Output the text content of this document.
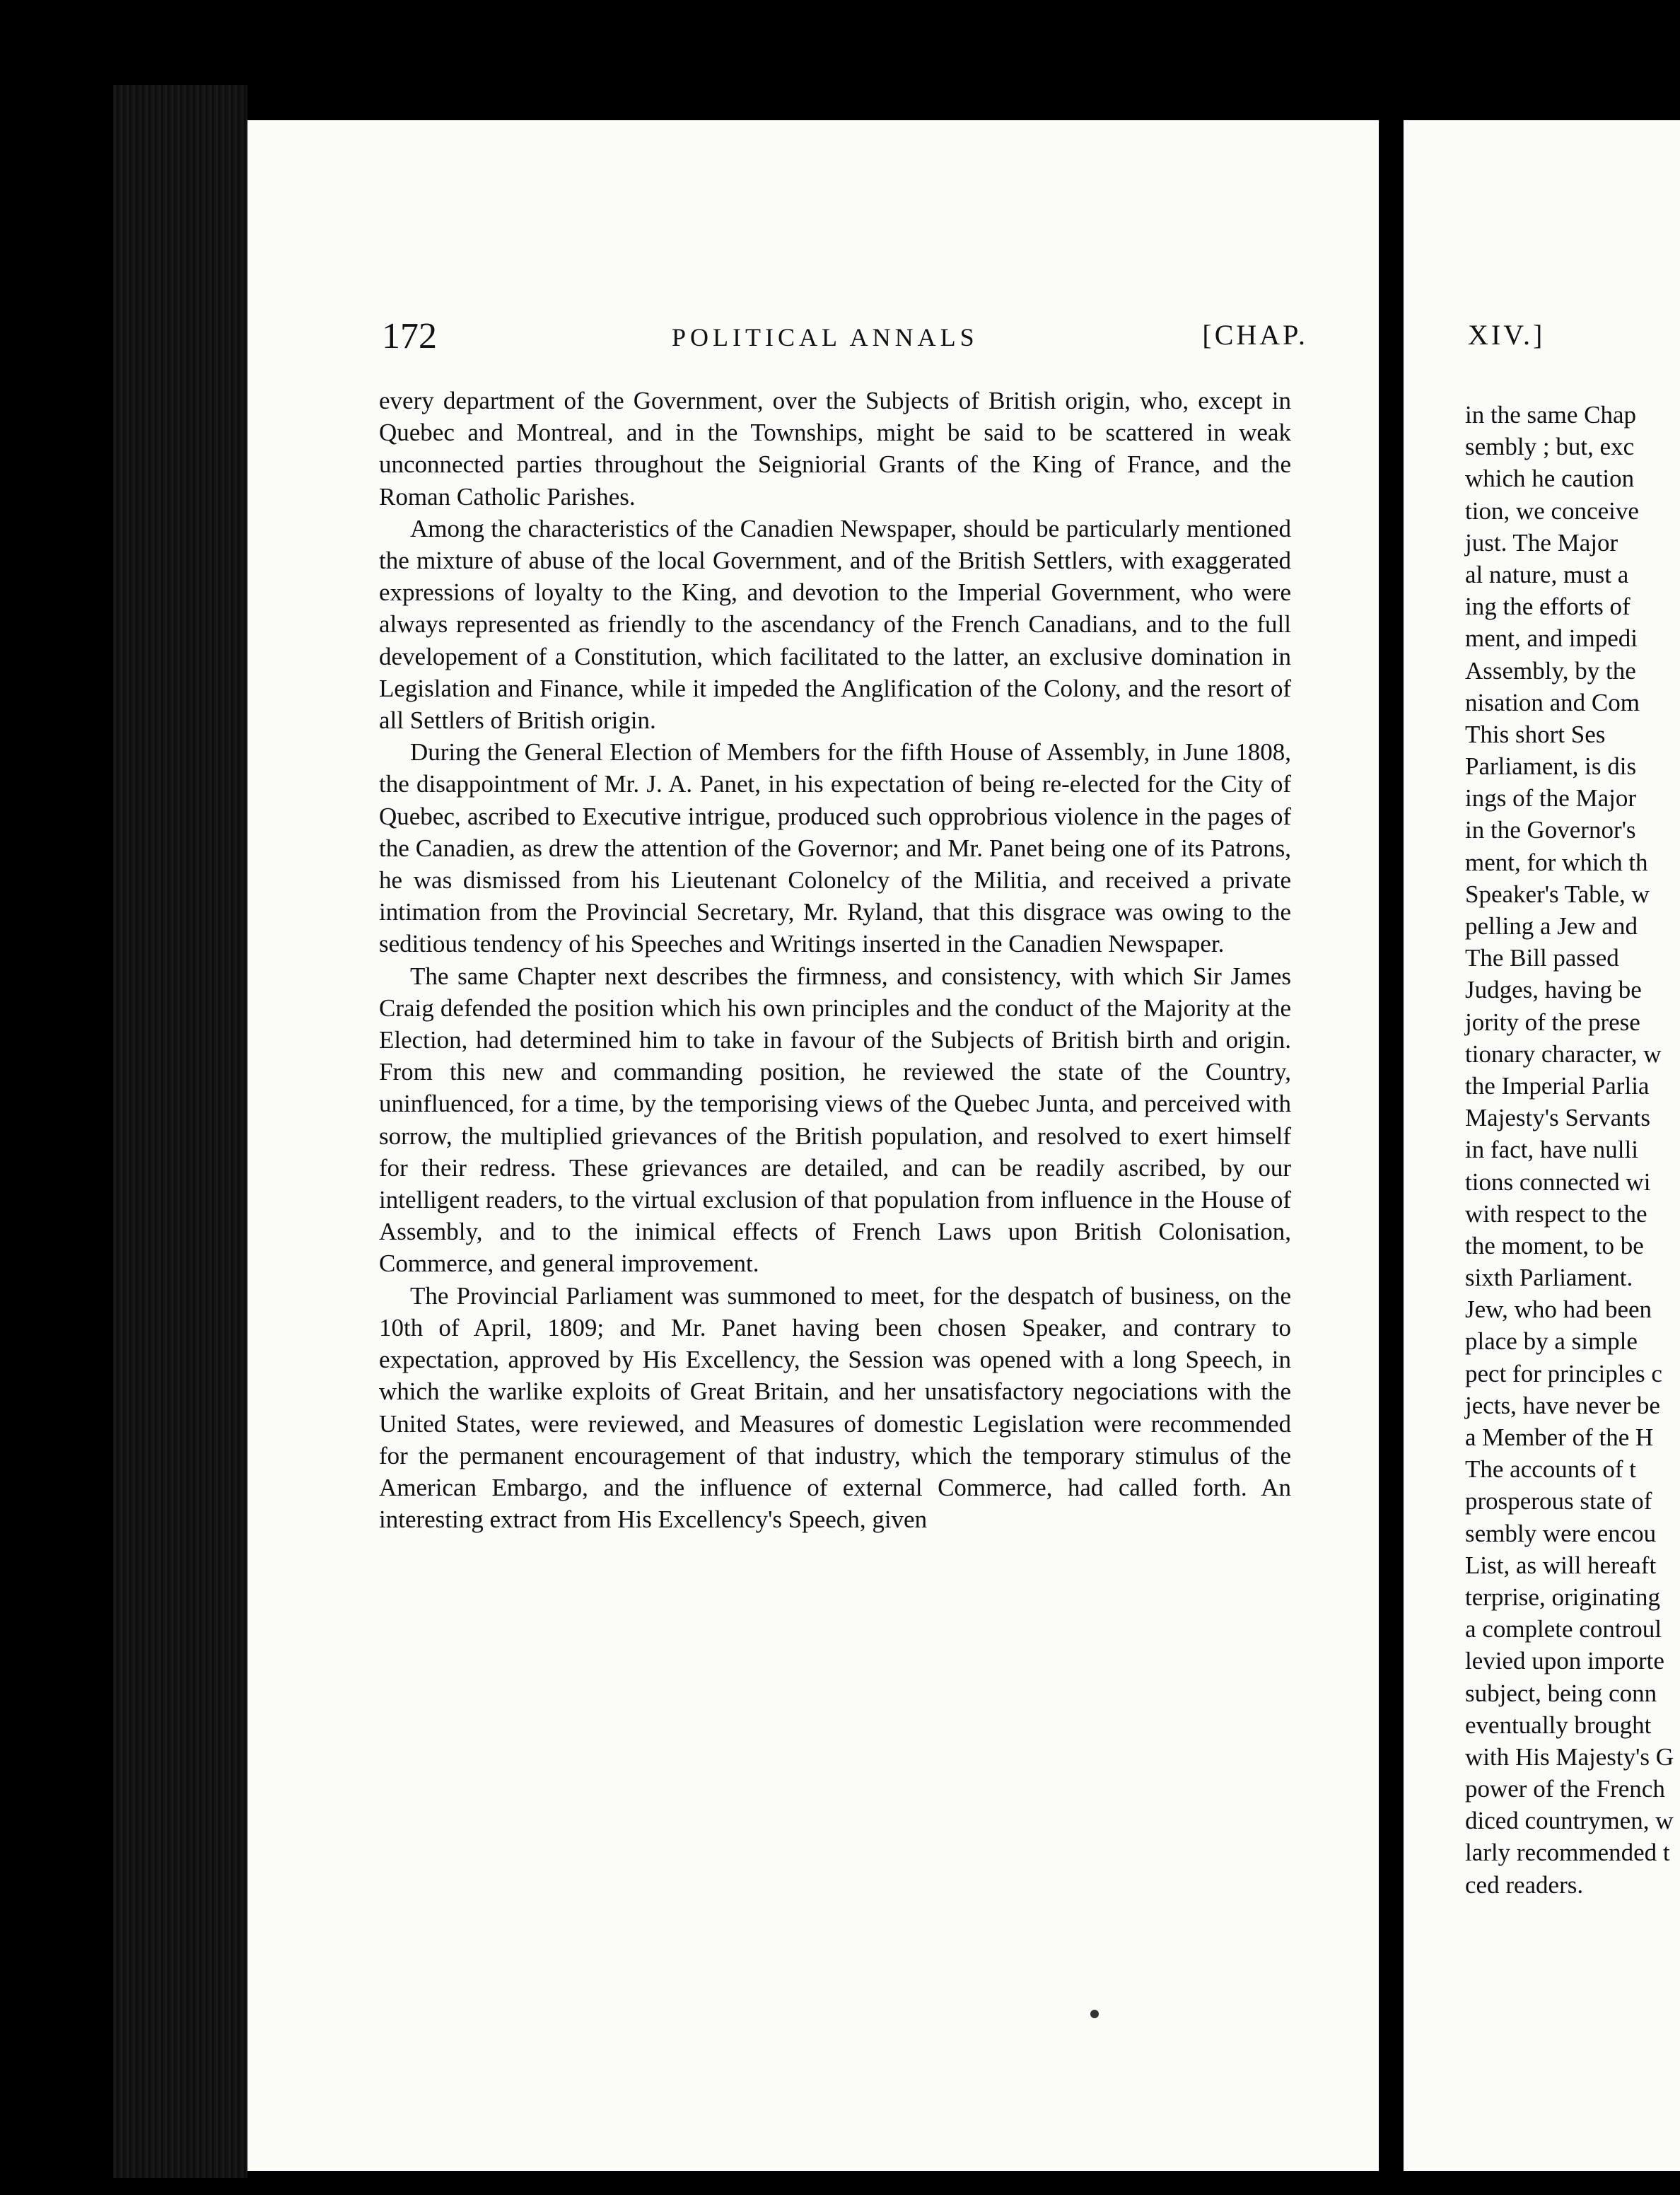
172	POLITICAL ANNALS	[CHAP.

every department of the Government, over the Subjects of British origin, who, except in Quebec and Montreal, and in the Townships, might be said to be scattered in weak unconnected parties throughout the Seigniorial Grants of the King of France, and the Roman Catholic Parishes.

Among the characteristics of the Canadien Newspaper, should be particularly mentioned the mixture of abuse of the local Government, and of the British Settlers, with exaggerated expressions of loyalty to the King, and devotion to the Imperial Government, who were always represented as friendly to the ascendancy of the French Canadians, and to the full developement of a Constitution, which facilitated to the latter, an exclusive domination in Legislation and Finance, while it impeded the Anglification of the Colony, and the resort of all Settlers of British origin.

During the General Election of Members for the fifth House of Assembly, in June 1808, the disappointment of Mr. J. A. Panet, in his expectation of being re-elected for the City of Quebec, ascribed to Executive intrigue, produced such opprobrious violence in the pages of the Canadien, as drew the attention of the Governor; and Mr. Panet being one of its Patrons, he was dismissed from his Lieutenant Colonelcy of the Militia, and received a private intimation from the Provincial Secretary, Mr. Ryland, that this disgrace was owing to the seditious tendency of his Speeches and Writings inserted in the Canadien Newspaper.

The same Chapter next describes the firmness, and consistency, with which Sir James Craig defended the position which his own principles and the conduct of the Majority at the Election, had determined him to take in favour of the Subjects of British birth and origin. From this new and commanding position, he reviewed the state of the Country, uninfluenced, for a time, by the temporising views of the Quebec Junta, and perceived with sorrow, the multiplied grievances of the British population, and resolved to exert himself for their redress. These grievances are detailed, and can be readily ascribed, by our intelligent readers, to the virtual exclusion of that population from influence in the House of Assembly, and to the inimical effects of French Laws upon British Colonisation, Commerce, and general improvement.

The Provincial Parliament was summoned to meet, for the despatch of business, on the 10th of April, 1809; and Mr. Panet having been chosen Speaker, and contrary to expectation, approved by His Excellency, the Session was opened with a long Speech, in which the warlike exploits of Great Britain, and her unsatisfactory negociations with the United States, were reviewed, and Measures of domestic Legislation were recommended for the permanent encouragement of that industry, which the temporary stimulus of the American Embargo, and the influence of external Commerce, had called forth. An interesting extract from His Excellency's Speech, given

XIV.]
in the same Chap
sembly ; but, exc
which he caution
tion, we conceive
just. The Major
al nature, must a
ing the efforts of
ment, and impedi
Assembly, by the
nisation and Com
This short Ses
Parliament, is dis
ings of the Major
in the Governor's
ment, for which th
Speaker's Table, w
pelling a Jew and
The Bill passed
Judges, having be
jority of the prese
tionary character, w
the Imperial Parlia
Majesty's Servants
in fact, have nulli
tions connected wi
with respect to the
the moment, to be
sixth Parliament.
Jew, who had been
place by a simple
pect for principles c
jects, have never be
a Member of the H
The accounts of t
prosperous state of
sembly were encou
List, as will hereaft
terprise, originating
a complete controul
levied upon importe
subject, being conn
eventually brought
with His Majesty's G
power of the French
diced countrymen, w
larly recommended t
ced readers.
